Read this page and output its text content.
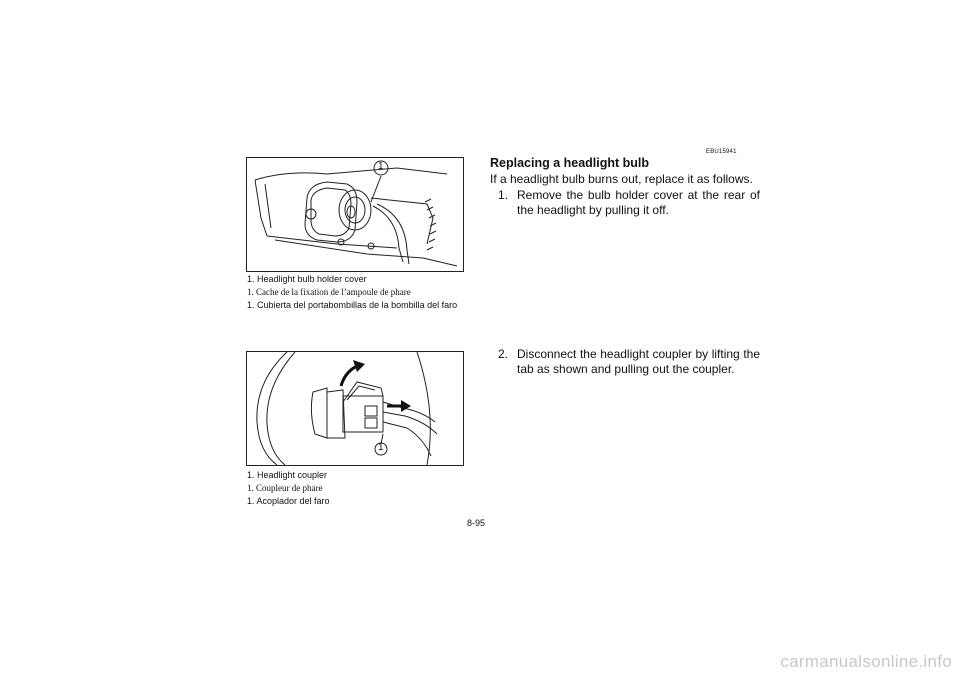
1

1. Headlight bulb holder cover

1. Cache de la fixation de l’ampoule de phare

1. Cubierta del portabombillas de la bombilla del faro

1

1. Headlight coupler

1. Coupleur de phare

1. Acoplador del faro

EBU15941
Replacing a headlight bulb
If a headlight bulb burns out, replace it as follows.
1. Remove the bulb holder cover at the rear of the headlight by pulling it off.
2. Disconnect the headlight coupler by lifting the tab as shown and pulling out the coupler.
8-95
carmanualsonline.info
